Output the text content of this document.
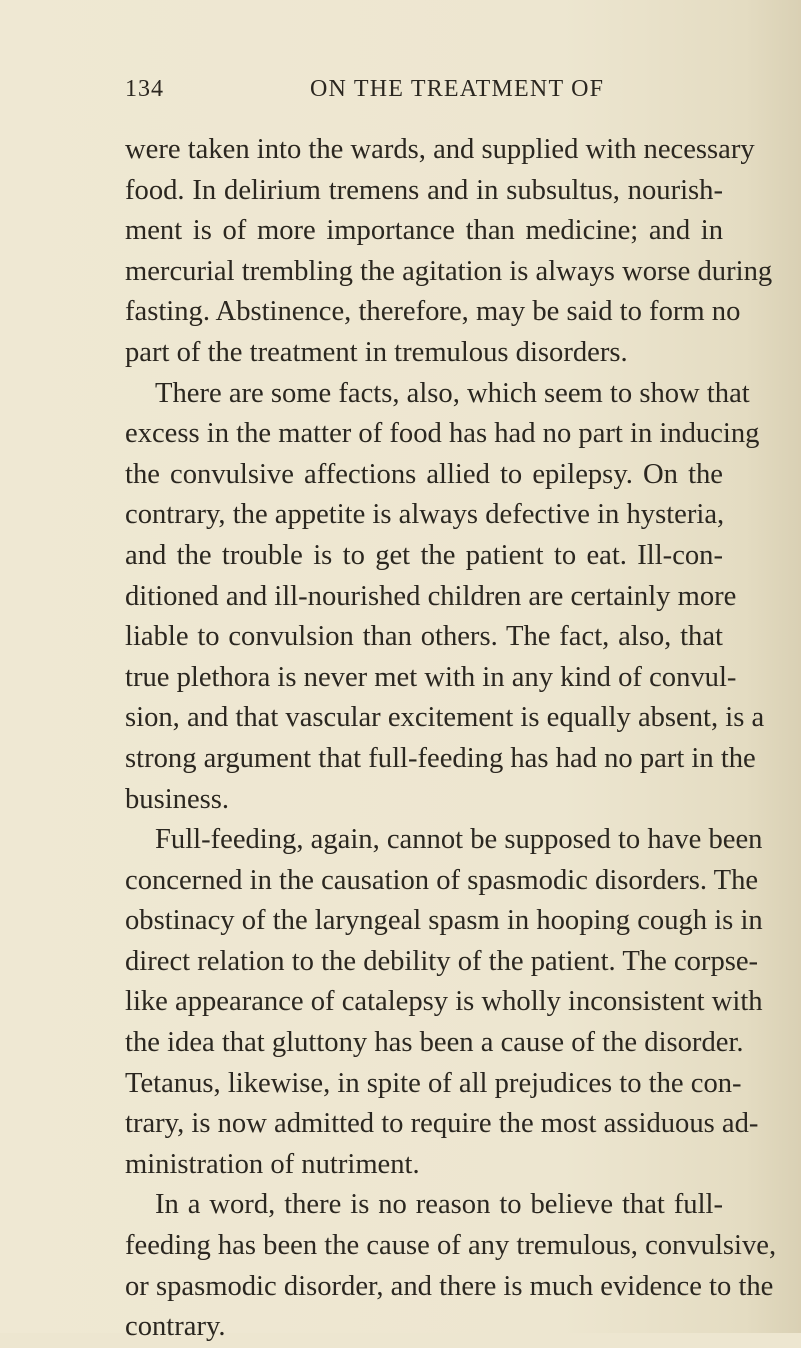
134	ON THE TREATMENT OF
were taken into the wards, and supplied with necessary
food. In delirium tremens and in subsultus, nourish-
ment is of more importance than medicine; and in
mercurial trembling the agitation is always worse during
fasting. Abstinence, therefore, may be said to form no
part of the treatment in tremulous disorders.
There are some facts, also, which seem to show that
excess in the matter of food has had no part in inducing
the convulsive affections allied to epilepsy. On the
contrary, the appetite is always defective in hysteria,
and the trouble is to get the patient to eat. Ill-con-
ditioned and ill-nourished children are certainly more
liable to convulsion than others. The fact, also, that
true plethora is never met with in any kind of convul-
sion, and that vascular excitement is equally absent, is a
strong argument that full-feeding has had no part in the
business.
Full-feeding, again, cannot be supposed to have been
concerned in the causation of spasmodic disorders. The
obstinacy of the laryngeal spasm in hooping cough is in
direct relation to the debility of the patient. The corpse-
like appearance of catalepsy is wholly inconsistent with
the idea that gluttony has been a cause of the disorder.
Tetanus, likewise, in spite of all prejudices to the con-
trary, is now admitted to require the most assiduous ad-
ministration of nutriment.
In a word, there is no reason to believe that full-
feeding has been the cause of any tremulous, convulsive,
or spasmodic disorder, and there is much evidence to the
contrary.
